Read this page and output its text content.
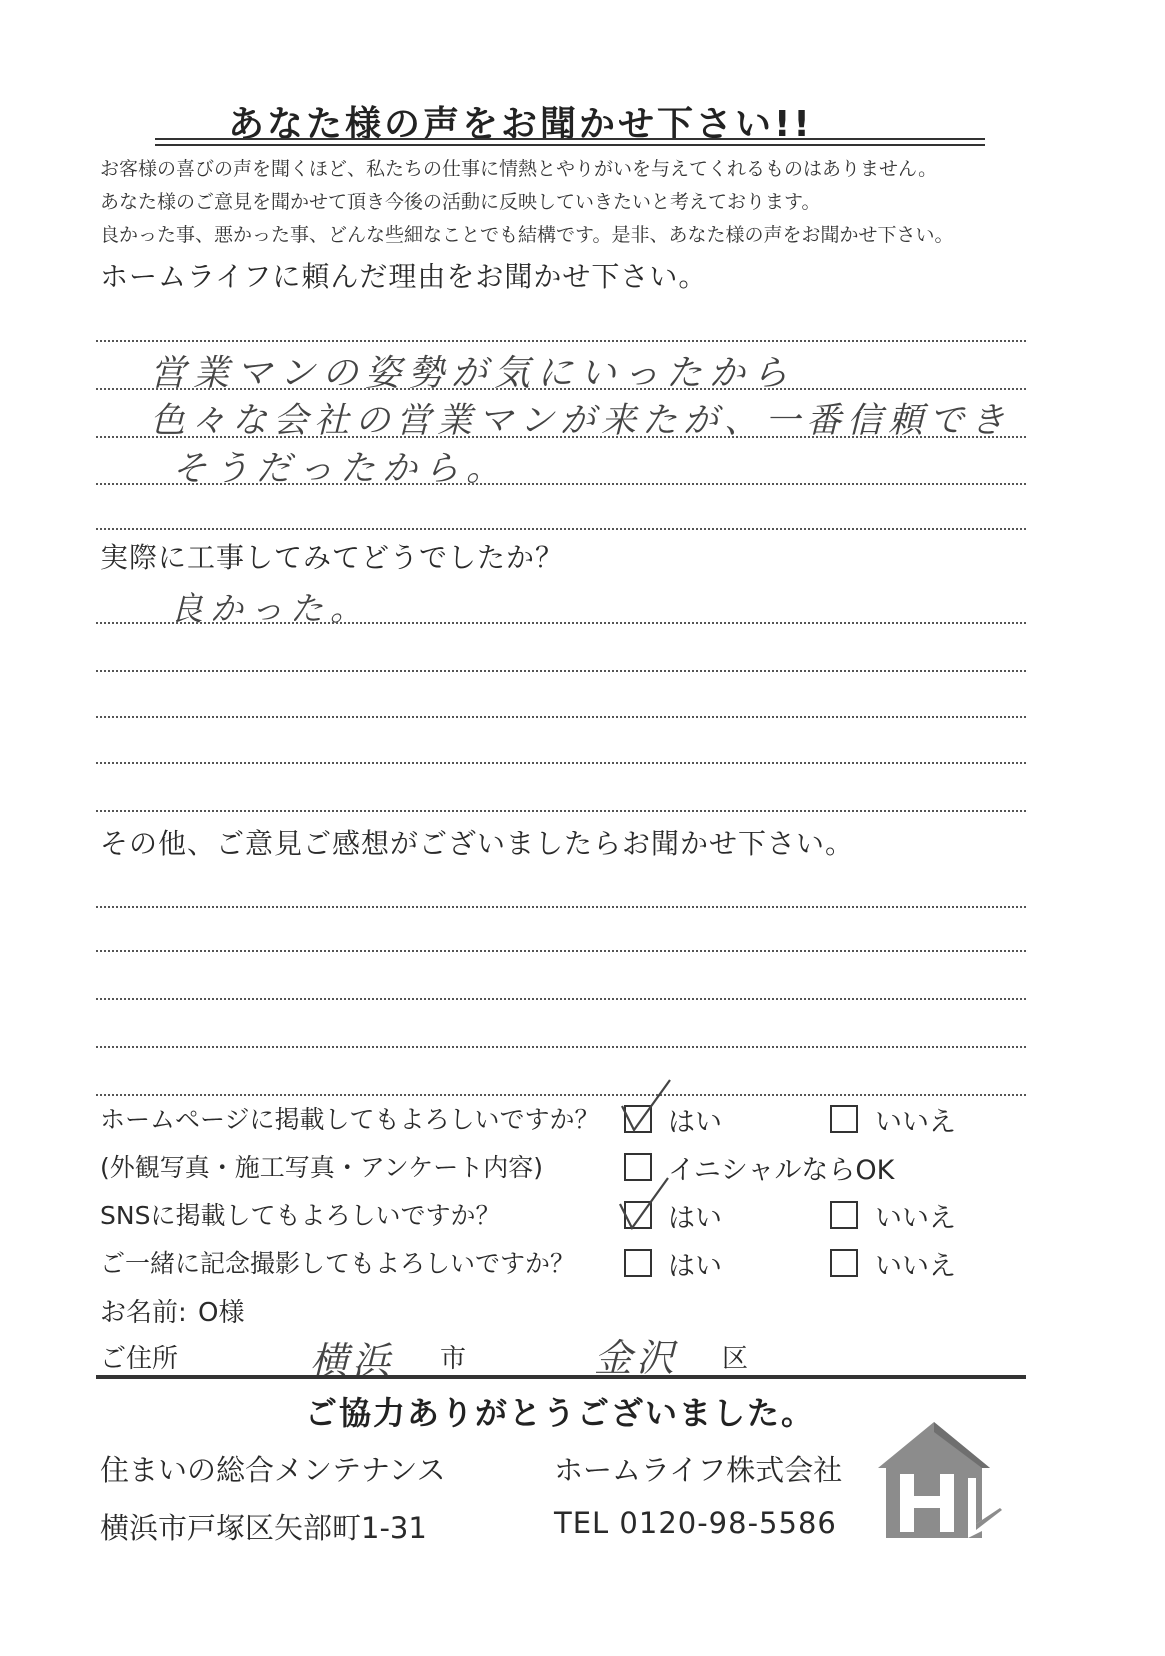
あなた様の声をお聞かせ下さい!!
お客様の喜びの声を聞くほど、私たちの仕事に情熱とやりがいを与えてくれるものはありません。
あなた様のご意見を聞かせて頂き今後の活動に反映していきたいと考えております。
良かった事、悪かった事、どんな些細なことでも結構です。是非、あなた様の声をお聞かせ下さい。
ホームライフに頼んだ理由をお聞かせ下さい。
営業マンの姿勢が気にいったから
色々な会社の営業マンが来たが、一番信頼でき
そうだったから。
実際に工事してみてどうでしたか？
良かった。
その他、ご意見ご感想がございましたらお聞かせ下さい。
ホームページに掲載してもよろしいですか？	はい	いいえ
(外観写真・施工写真・アンケート内容)	イニシャルならOK
SNSに掲載してもよろしいですか？	はい	いいえ
ご一緒に記念撮影してもよろしいですか？	はい	いいえ
お名前: O様
ご住所	横浜 市	金沢 区
ご協力ありがとうございました。
住まいの総合メンテナンス
横浜市戸塚区矢部町1-31
ホームライフ株式会社
TEL 0120-98-5586
